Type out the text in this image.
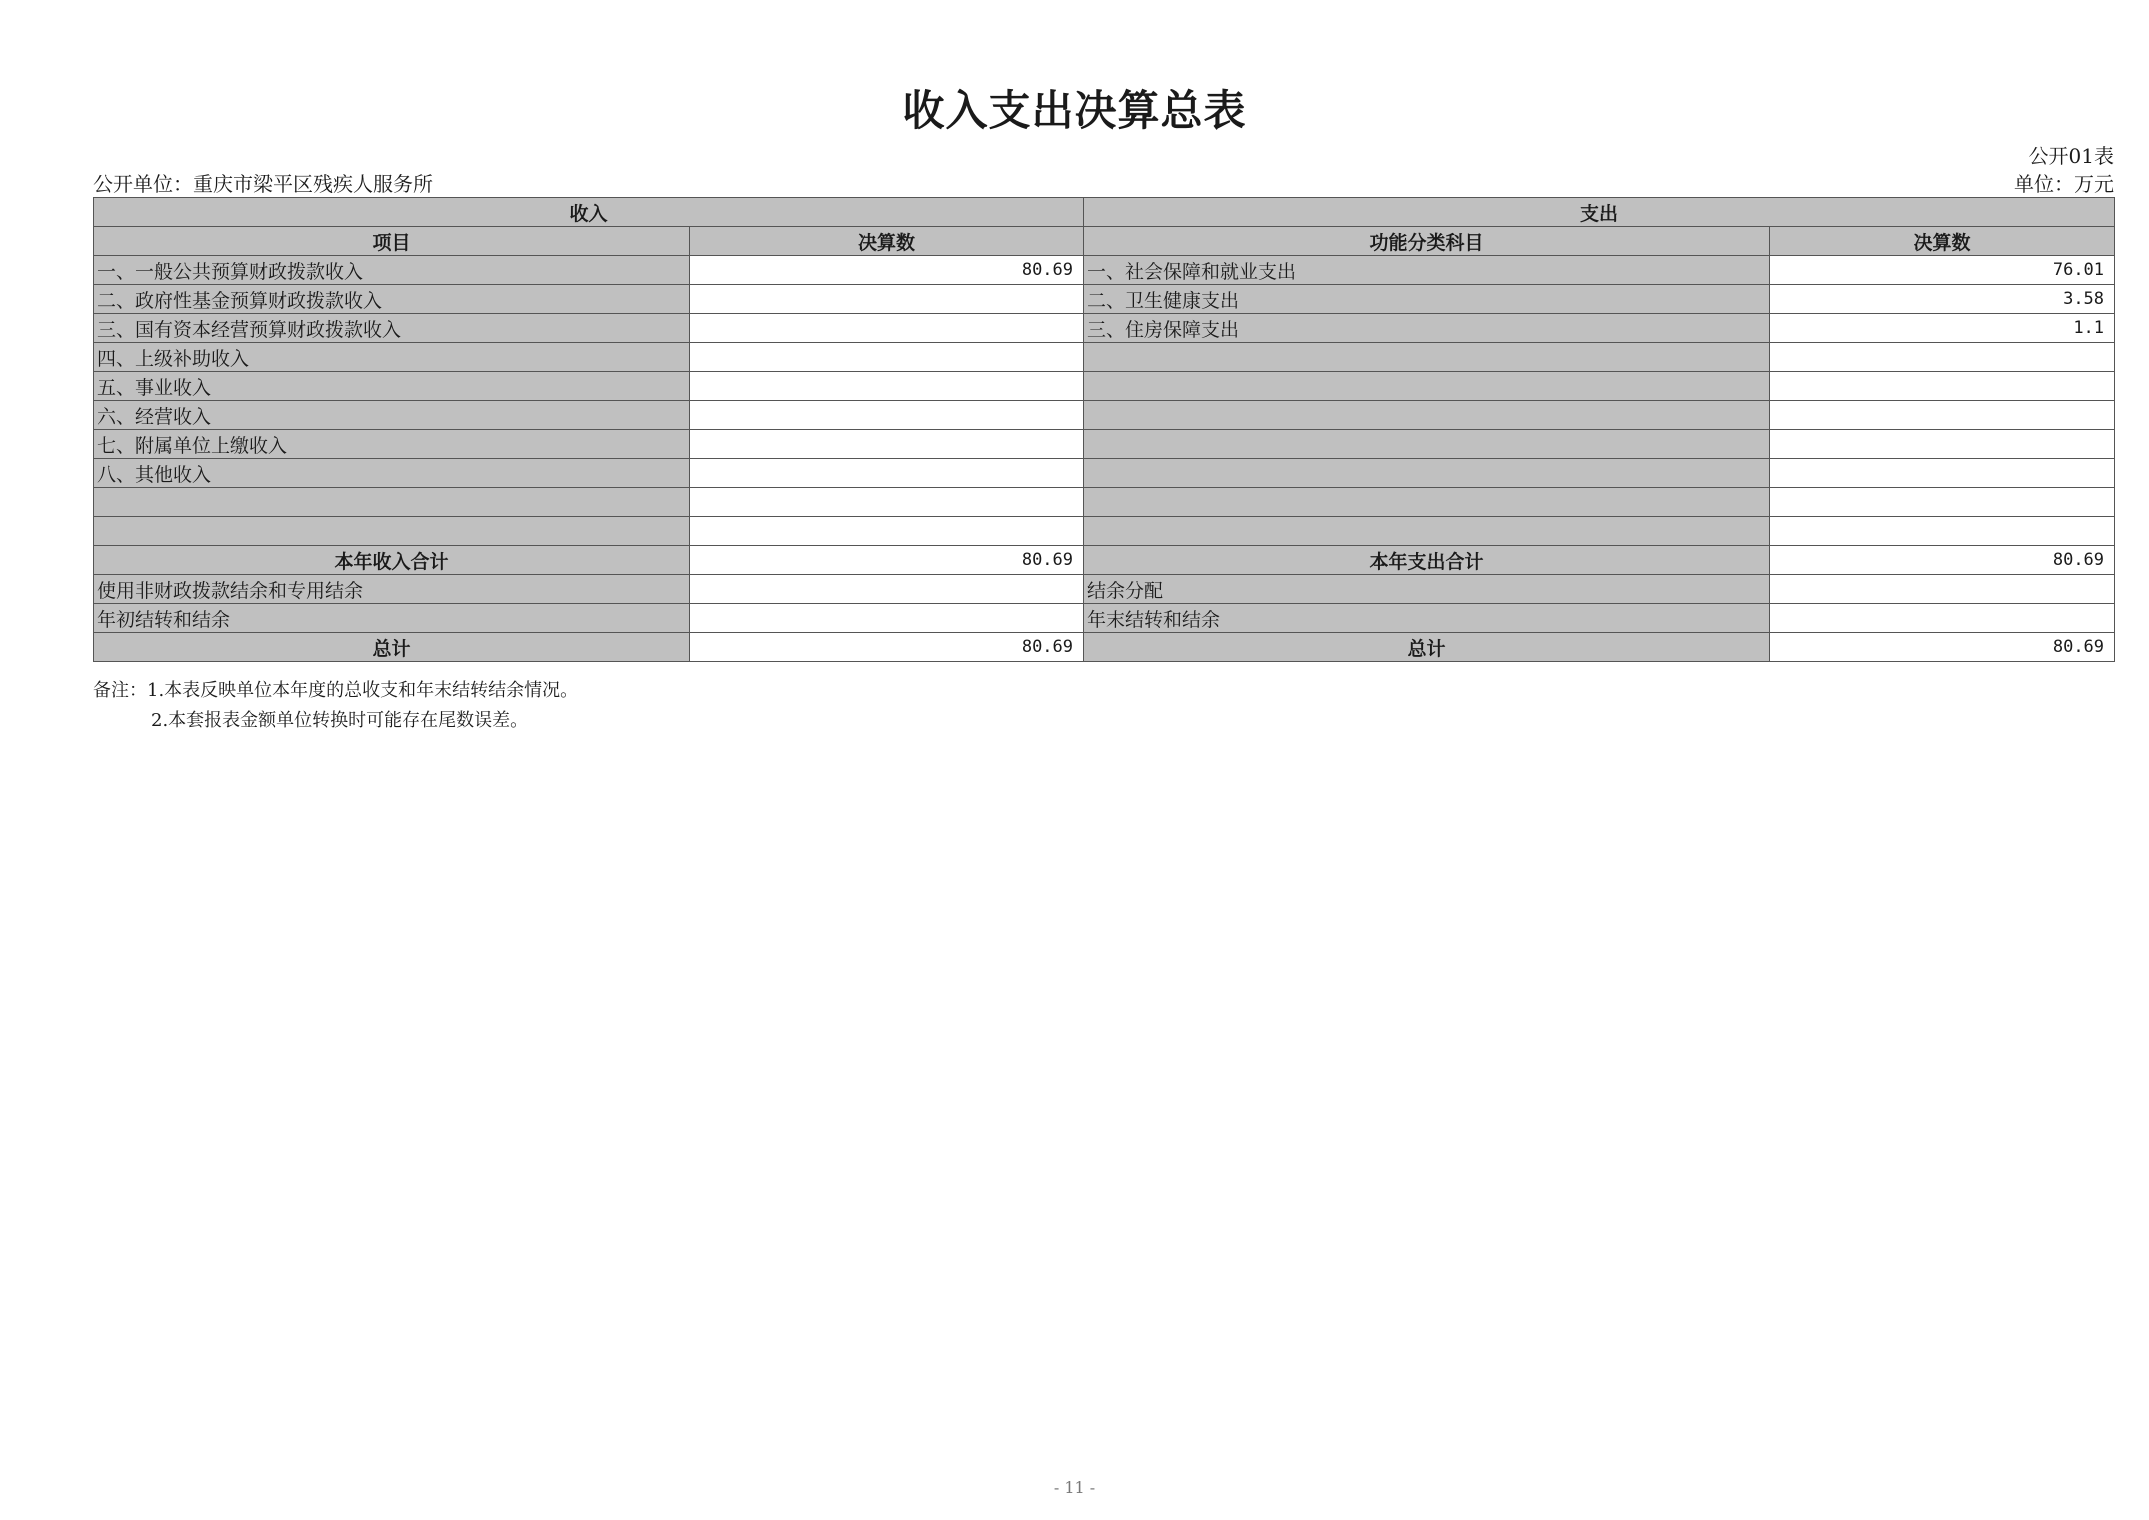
收入支出决算总表
公开01表
公开单位：重庆市梁平区残疾人服务所	单位：万元
收入		支出	
项目	决算数	功能分类科目	决算数
一、一般公共预算财政拨款收入	80.69	一、社会保障和就业支出	76.01
二、政府性基金预算财政拨款收入		二、卫生健康支出	3.58
三、国有资本经营预算财政拨款收入		三、住房保障支出	1.1
四、上级补助收入			
五、事业收入			
六、经营收入			
七、附属单位上缴收入			
八、其他收入			

本年收入合计	80.69	本年支出合计	80.69
使用非财政拨款结余和专用结余		结余分配	
年初结转和结余		年末结转和结余	
总计	80.69	总计	80.69
备注：1.本表反映单位本年度的总收支和年末结转结余情况。
2.本套报表金额单位转换时可能存在尾数误差。
- 11 -
